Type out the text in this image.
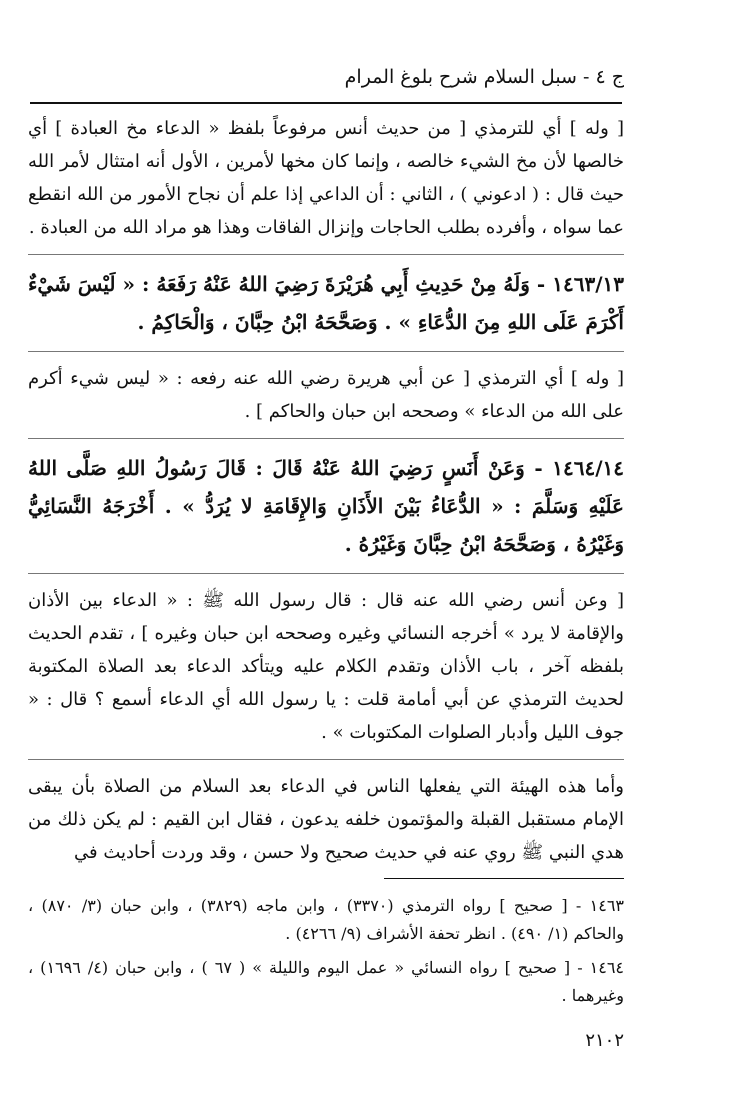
ج ٤ - سبل السلام شرح بلوغ المرام

[ وله ] أي للترمذي [ من حديث أنس مرفوعاً بلفظ « الدعاء مخ العبادة ] أي خالصها لأن مخ الشيء خالصه ، وإنما كان مخها لأمرين ، الأول أنه امتثال لأمر الله حيث قال : ( ادعوني ) ، الثاني : أن الداعي إذا علم أن نجاح الأمور من الله انقطع عما سواه ، وأفرده بطلب الحاجات وإنزال الفاقات وهذا هو مراد الله من العبادة .

١٤٦٣/١٣ - وَلَهُ مِنْ حَدِيثِ أَبِي هُرَيْرَةَ رَضِيَ اللهُ عَنْهُ رَفَعَهُ : « لَيْسَ شَيْءٌ أَكْرَمَ عَلَى اللهِ مِنَ الدُّعَاءِ » . وَصَحَّحَهُ ابْنُ حِبَّانَ ، وَالْحَاكِمُ .

[ وله ] أي الترمذي [ عن أبي هريرة رضي الله عنه رفعه : « ليس شيء أكرم على الله من الدعاء » وصححه ابن حبان والحاكم ] .

١٤٦٤/١٤ - وَعَنْ أَنَسٍ رَضِيَ اللهُ عَنْهُ قَالَ : قَالَ رَسُولُ اللهِ صَلَّى اللهُ عَلَيْهِ وَسَلَّمَ : « الدُّعَاءُ بَيْنَ الأَذَانِ وَالإِقَامَةِ لا يُرَدُّ » . أَخْرَجَهُ النَّسَائِيُّ وَغَيْرُهُ ، وَصَحَّحَهُ ابْنُ حِبَّانَ وَغَيْرُهُ .

[ وعن أنس رضي الله عنه قال : قال رسول الله ﷺ : « الدعاء بين الأذان والإقامة لا يرد » أخرجه النسائي وغيره وصححه ابن حبان وغيره ] ، تقدم الحديث بلفظه آخر ، باب الأذان وتقدم الكلام عليه ويتأكد الدعاء بعد الصلاة المكتوبة لحديث الترمذي عن أبي أمامة قلت : يا رسول الله أي الدعاء أسمع ؟ قال : « جوف الليل وأدبار الصلوات المكتوبات » .

وأما هذه الهيئة التي يفعلها الناس في الدعاء بعد السلام من الصلاة بأن يبقى الإمام مستقبل القبلة والمؤتمون خلفه يدعون ، فقال ابن القيم : لم يكن ذلك من هدي النبي ﷺ روي عنه في حديث صحيح ولا حسن ، وقد وردت أحاديث في

١٤٦٣ - [ صحيح ] رواه الترمذي (٣٣٧٠) ، وابن ماجه (٣٨٢٩) ، وابن حبان (٣/ ٨٧٠) ، والحاكم (١/ ٤٩٠) . انظر تحفة الأشراف (٩/ ٤٢٦٦) .

١٤٦٤ - [ صحيح ] رواه النسائي « عمل اليوم والليلة » ( ٦٧ ) ، وابن حبان (٤/ ١٦٩٦) ، وغيرهما .

٢١٠٢
